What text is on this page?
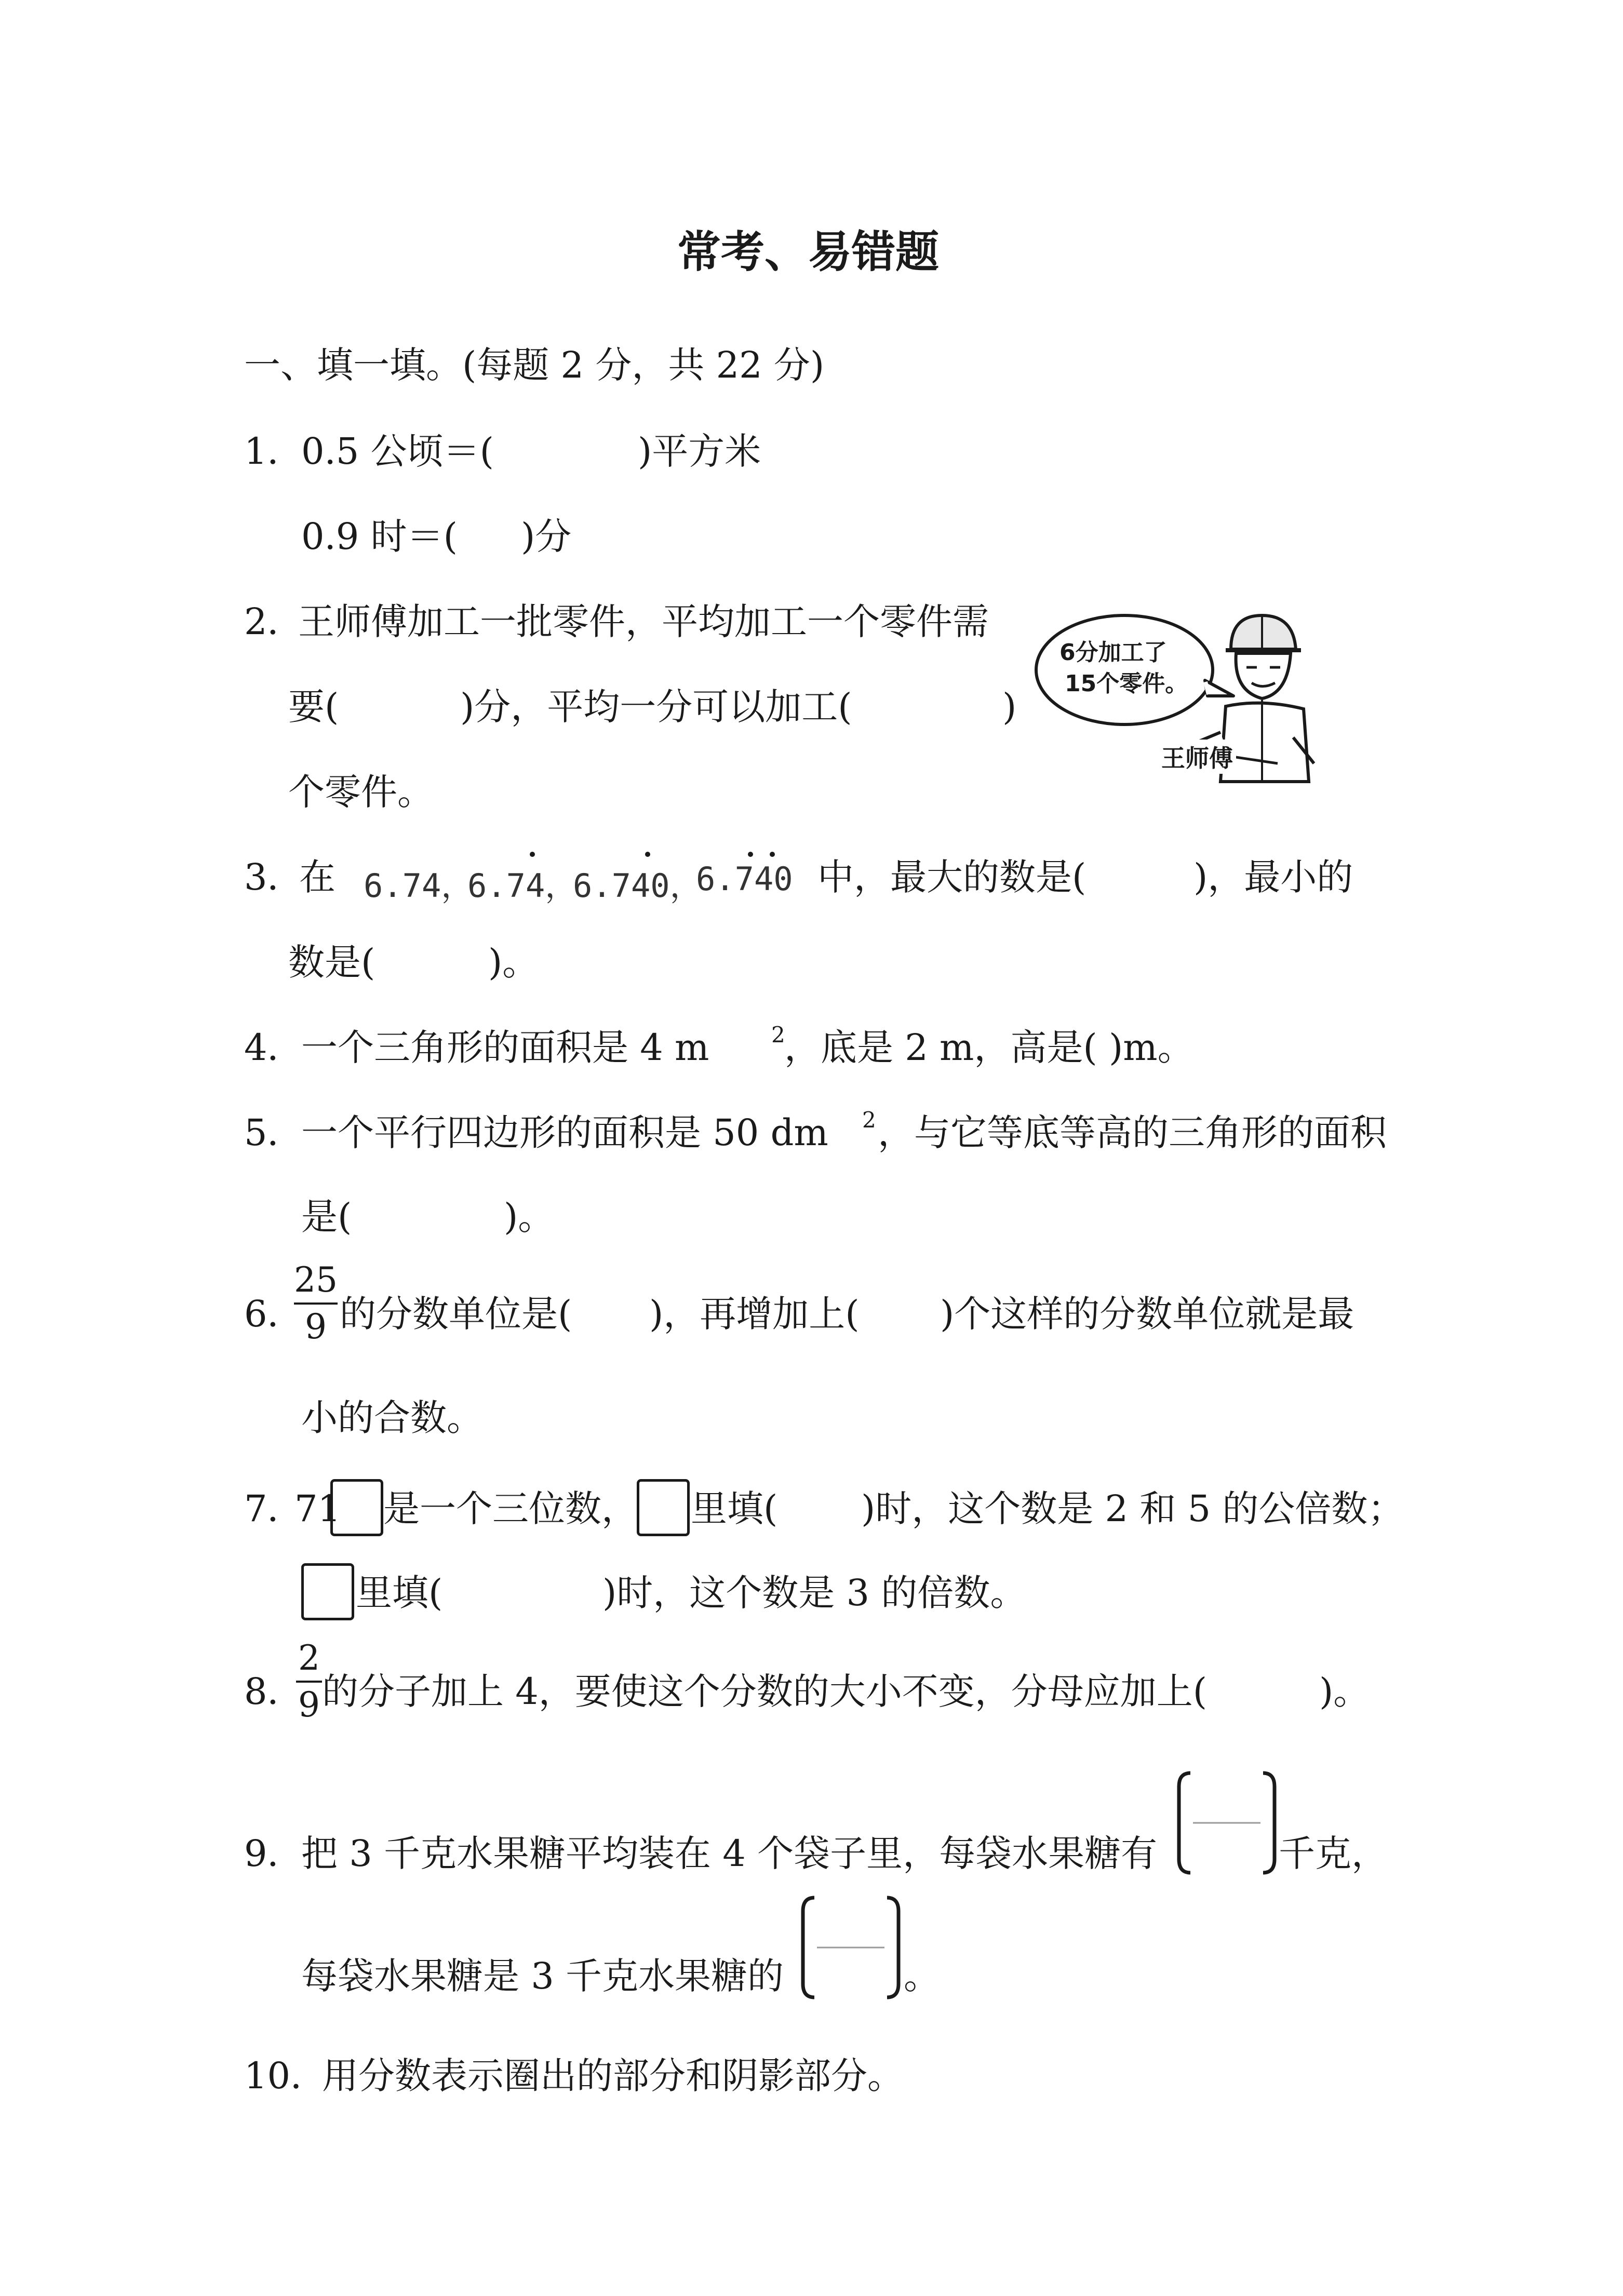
常考、易错题
一、填一填。(每题 2 分，共 22 分)
1．
0.5 公顷＝(	)平方米
0.9 时＝( )分
2．
王师傅加工一批零件，平均加工一个零件需
要(	)分，平均一分可以加工(	)
个零件。
6分加工了
15个零件。
王师傅
3．
在 6.74，
6.74，
6.740，
6.740 中，最大的数是(	)，最小的
数是(	)。
4．
一个三角形的面积是 4 m	2
，底是 2 m，高是( )m。
5．
一个平行四边形的面积是 50 dm 2 ，与它等底等高的三角形的面积
是(	)。
6．
25
9 的分数单位是( )，再增加上( )个这样的分数单位就是最
小的合数。
7．
71 是一个三位数， 里填( )时，这个数是 2 和 5 的公倍数；
里填(	)时，这个数是 3 的倍数。
8．
2
9 的分子加上 4，要使这个分数的大小不变，分母应加上(	)。
9．
把 3 千克水果糖平均装在 4 个袋子里，每袋水果糖有	千克，
每袋水果糖是 3 千克水果糖的	。
10．
用分数表示圈出的部分和阴影部分。
